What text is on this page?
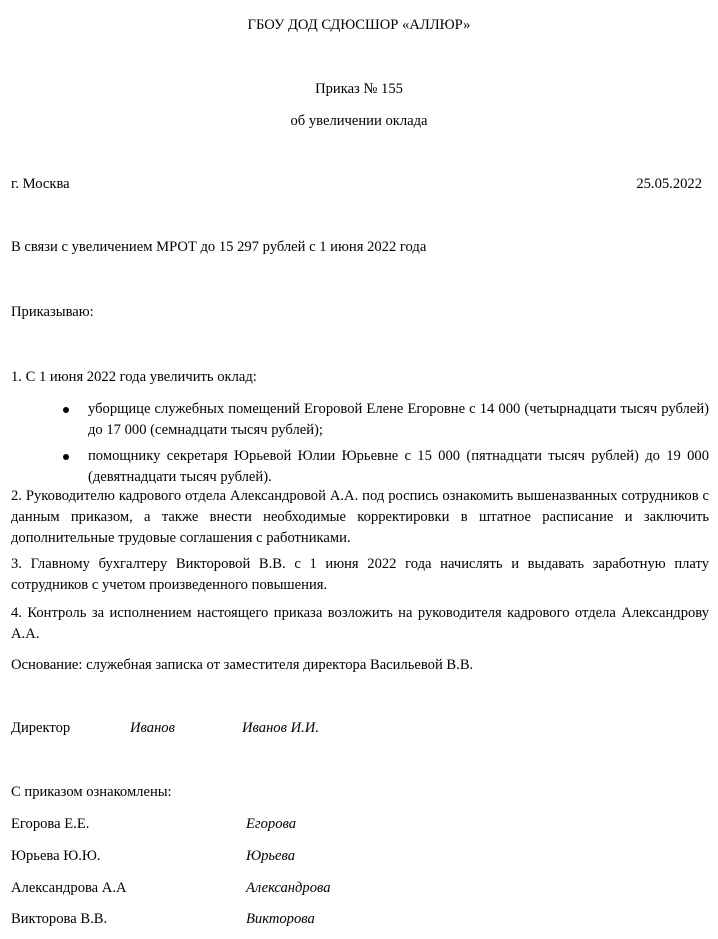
ГБОУ ДОД СДЮСШОР «АЛЛЮР»
Приказ № 155
об увеличении оклада
г. Москва	25.05.2022
В связи с увеличением МРОТ до 15 297 рублей с 1 июня 2022 года
Приказываю:
1. С 1 июня 2022 года увеличить оклад:
уборщице служебных помещений Егоровой Елене Егоровне с 14 000 (четырнадцати тысяч рублей) до 17 000 (семнадцати тысяч рублей);
помощнику секретаря Юрьевой Юлии Юрьевне с 15 000 (пятнадцати тысяч рублей) до 19 000 (девятнадцати тысяч рублей).

2. Руководителю кадрового отдела Александровой А.А. под роспись ознакомить вышеназванных сотрудников с данным приказом, а также внести необходимые корректировки в штатное расписание и заключить дополнительные трудовые соглашения с работниками.

3. Главному бухгалтеру Викторовой В.В. с 1 июня 2022 года начислять и выдавать заработную плату сотрудников с учетом произведенного повышения.

4. Контроль за исполнением настоящего приказа возложить на руководителя кадрового отдела Александрову А.А.

Основание: служебная записка от заместителя директора Васильевой В.В.
Директор	Иванов	Иванов И.И.
С приказом ознакомлены:
Егорова Е.Е.	Егорова
Юрьева Ю.Ю.	Юрьева
Александрова А.А	Александрова
Викторова В.В.	Викторова
